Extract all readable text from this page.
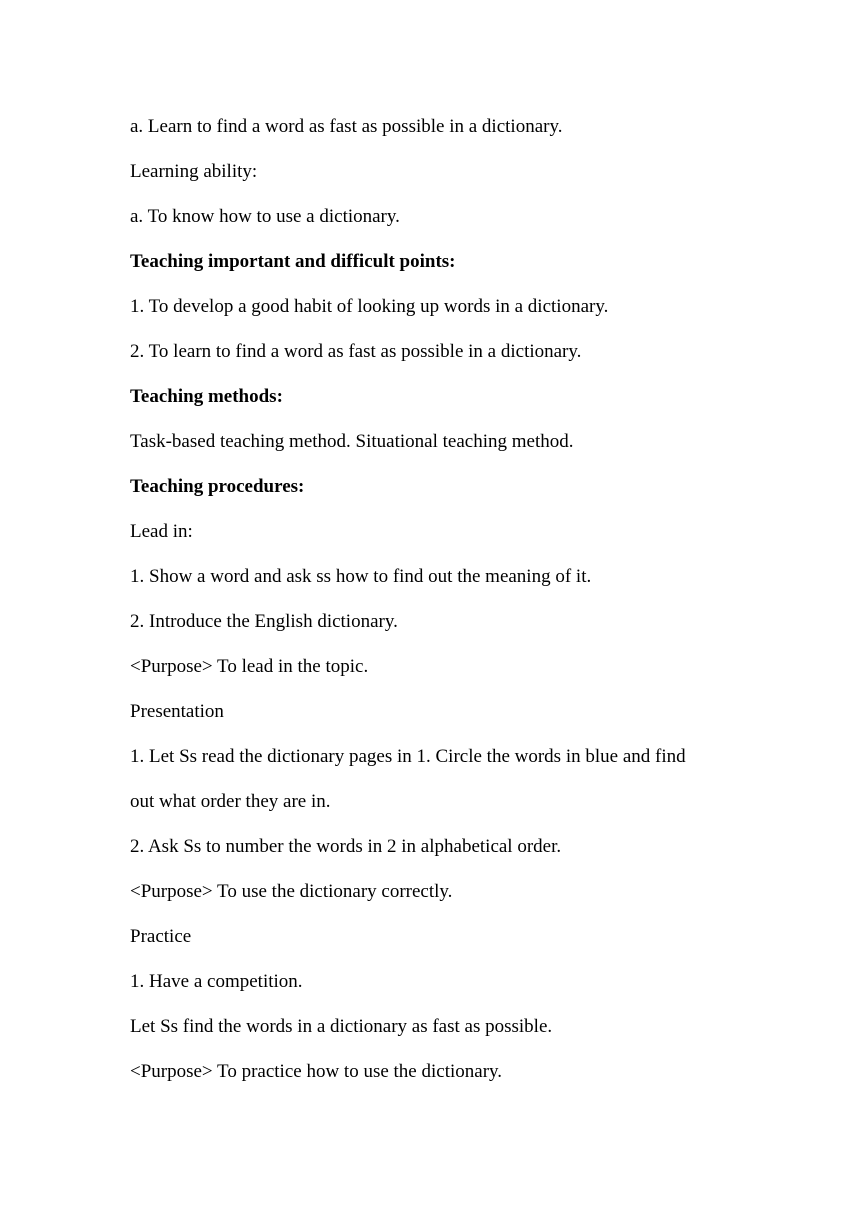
a. Learn to find a word as fast as possible in a dictionary.
Learning ability:
a. To know how to use a dictionary.
Teaching important and difficult points:
1. To develop a good habit of looking up words in a dictionary.
2. To learn to find a word as fast as possible in a dictionary.
Teaching methods:
Task-based teaching method. Situational teaching method.
Teaching procedures:
Lead in:
1. Show a word and ask ss how to find out the meaning of it.
2. Introduce the English dictionary.
<Purpose> To lead in the topic.
Presentation
1. Let Ss read the dictionary pages in 1. Circle the words in blue and find
out what order they are in.
2. Ask Ss to number the words in 2 in alphabetical order.
<Purpose> To use the dictionary correctly.
Practice
1. Have a competition.
Let Ss find the words in a dictionary as fast as possible.
<Purpose> To practice how to use the dictionary.
